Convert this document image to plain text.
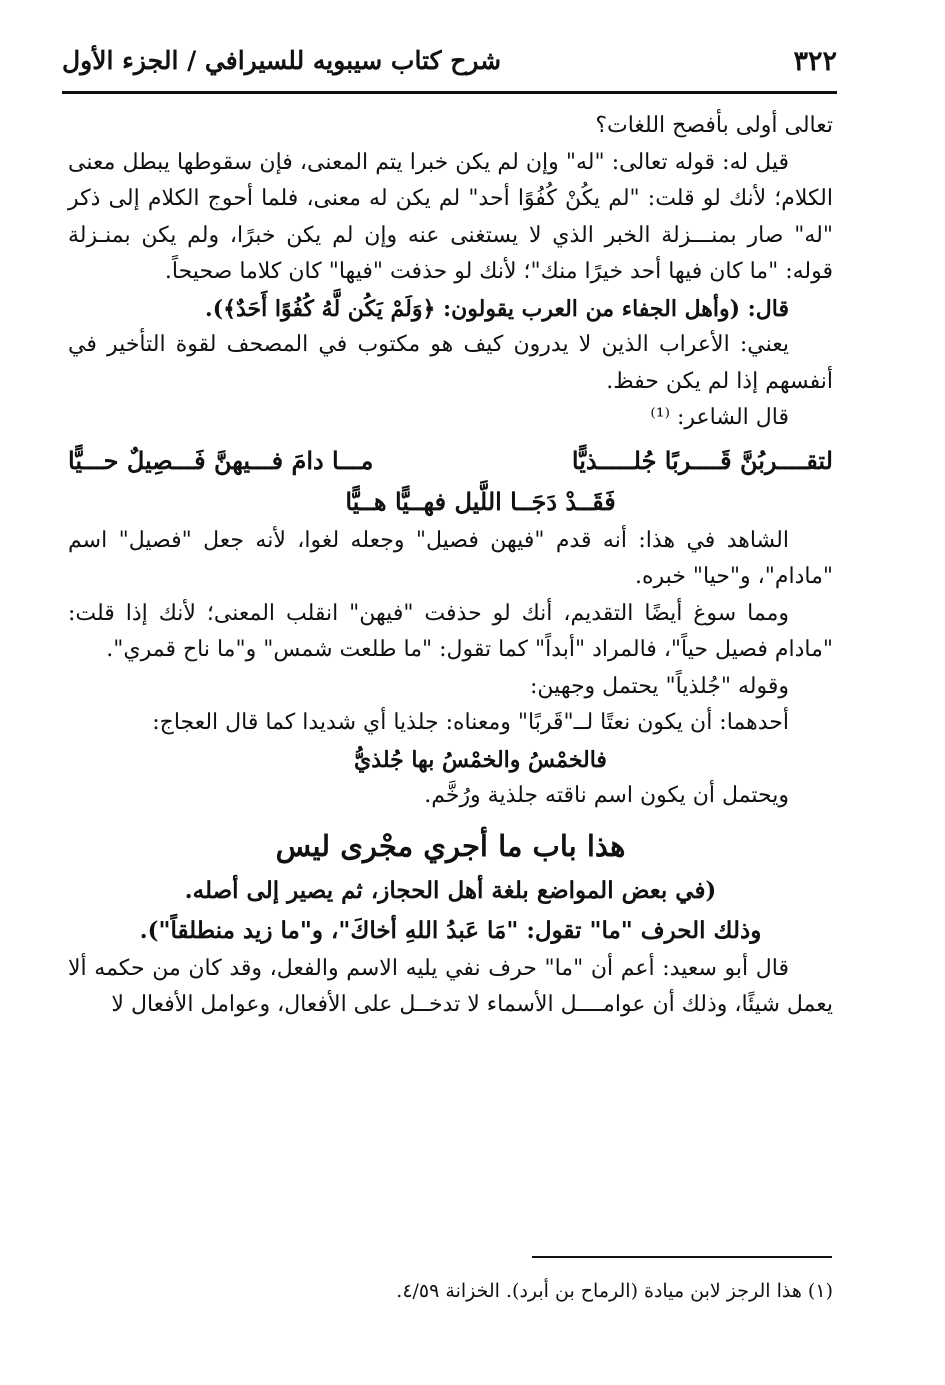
٣٢٢
شرح كتاب سيبويه للسيرافي / الجزء الأول

تعالى أولى بأفصح اللغات؟

قيل له: قوله تعالى: "له" وإن لم يكن خبرا يتم المعنى، فإن سقوطها يبطل معنى الكلام؛ لأنك لو قلت: "لم يكُنْ كُفُوًا أحد" لم يكن له معنى، فلما أحوج الكلام إلى ذكر "له" صار بمنـــزلة الخبر الذي لا يستغنى عنه وإن لم يكن خبرًا، ولم يكن بمنـزلة قوله: "ما كان فيها أحد خيرًا منك"؛ لأنك لو حذفت "فيها" كان كلاما صحيحاً.

قال: (وأهل الجفاء من العرب يقولون: ﴿وَلَمْ يَكُن لَّهُ كُفُوًا أَحَدٌ﴾).

يعني: الأعراب الذين لا يدرون كيف هو مكتوب في المصحف لقوة التأخير في أنفسهم إذا لم يكن حفظ.

قال الشاعر: ⁽¹⁾

لتقــــربُنَّ قَــــربًا جُلـــــذيًّا
مـــا دامَ فـــيهنَّ فَـــصِيلٌ حـــيًّا
فَقَــدْ دَجَــا اللَّيل فهــيًّا هــيًّا

الشاهد في هذا: أنه قدم "فيهن فصيل" وجعله لغوا، لأنه جعل "فصيل" اسم "مادام"، و"حيا" خبره.

ومما سوغ أيضًا التقديم، أنك لو حذفت "فيهن" انقلب المعنى؛ لأنك إذا قلت: "مادام فصيل حياً"، فالمراد "أبداً" كما تقول: "ما طلعت شمس" و"ما ناح قمري".

وقوله "جُلذياً" يحتمل وجهين:

أحدهما: أن يكون نعتًا لــ"قَربًا" ومعناه: جلذيا أي شديدا كما قال العجاج:

فالخمْسُ والخمْسُ بها جُلذيُّ

ويحتمل أن يكون اسم ناقته جلذية ورُخَّم.

هذا باب ما أجري مجْرى ليس
(في بعض المواضع بلغة أهل الحجاز، ثم يصير إلى أصله.
وذلك الحرف "ما" تقول: "مَا عَبدُ اللهِ أخاكَ"، و"ما زيد منطلقاً").

قال أبو سعيد: أعم أن "ما" حرف نفي يليه الاسم والفعل، وقد كان من حكمه ألا يعمل شيئًا، وذلك أن عوامــــل الأسماء لا تدخــل على الأفعال، وعوامل الأفعال لا

(١) هذا الرجز لابن ميادة (الرماح بن أبرد). الخزانة ٤/٥٩.
